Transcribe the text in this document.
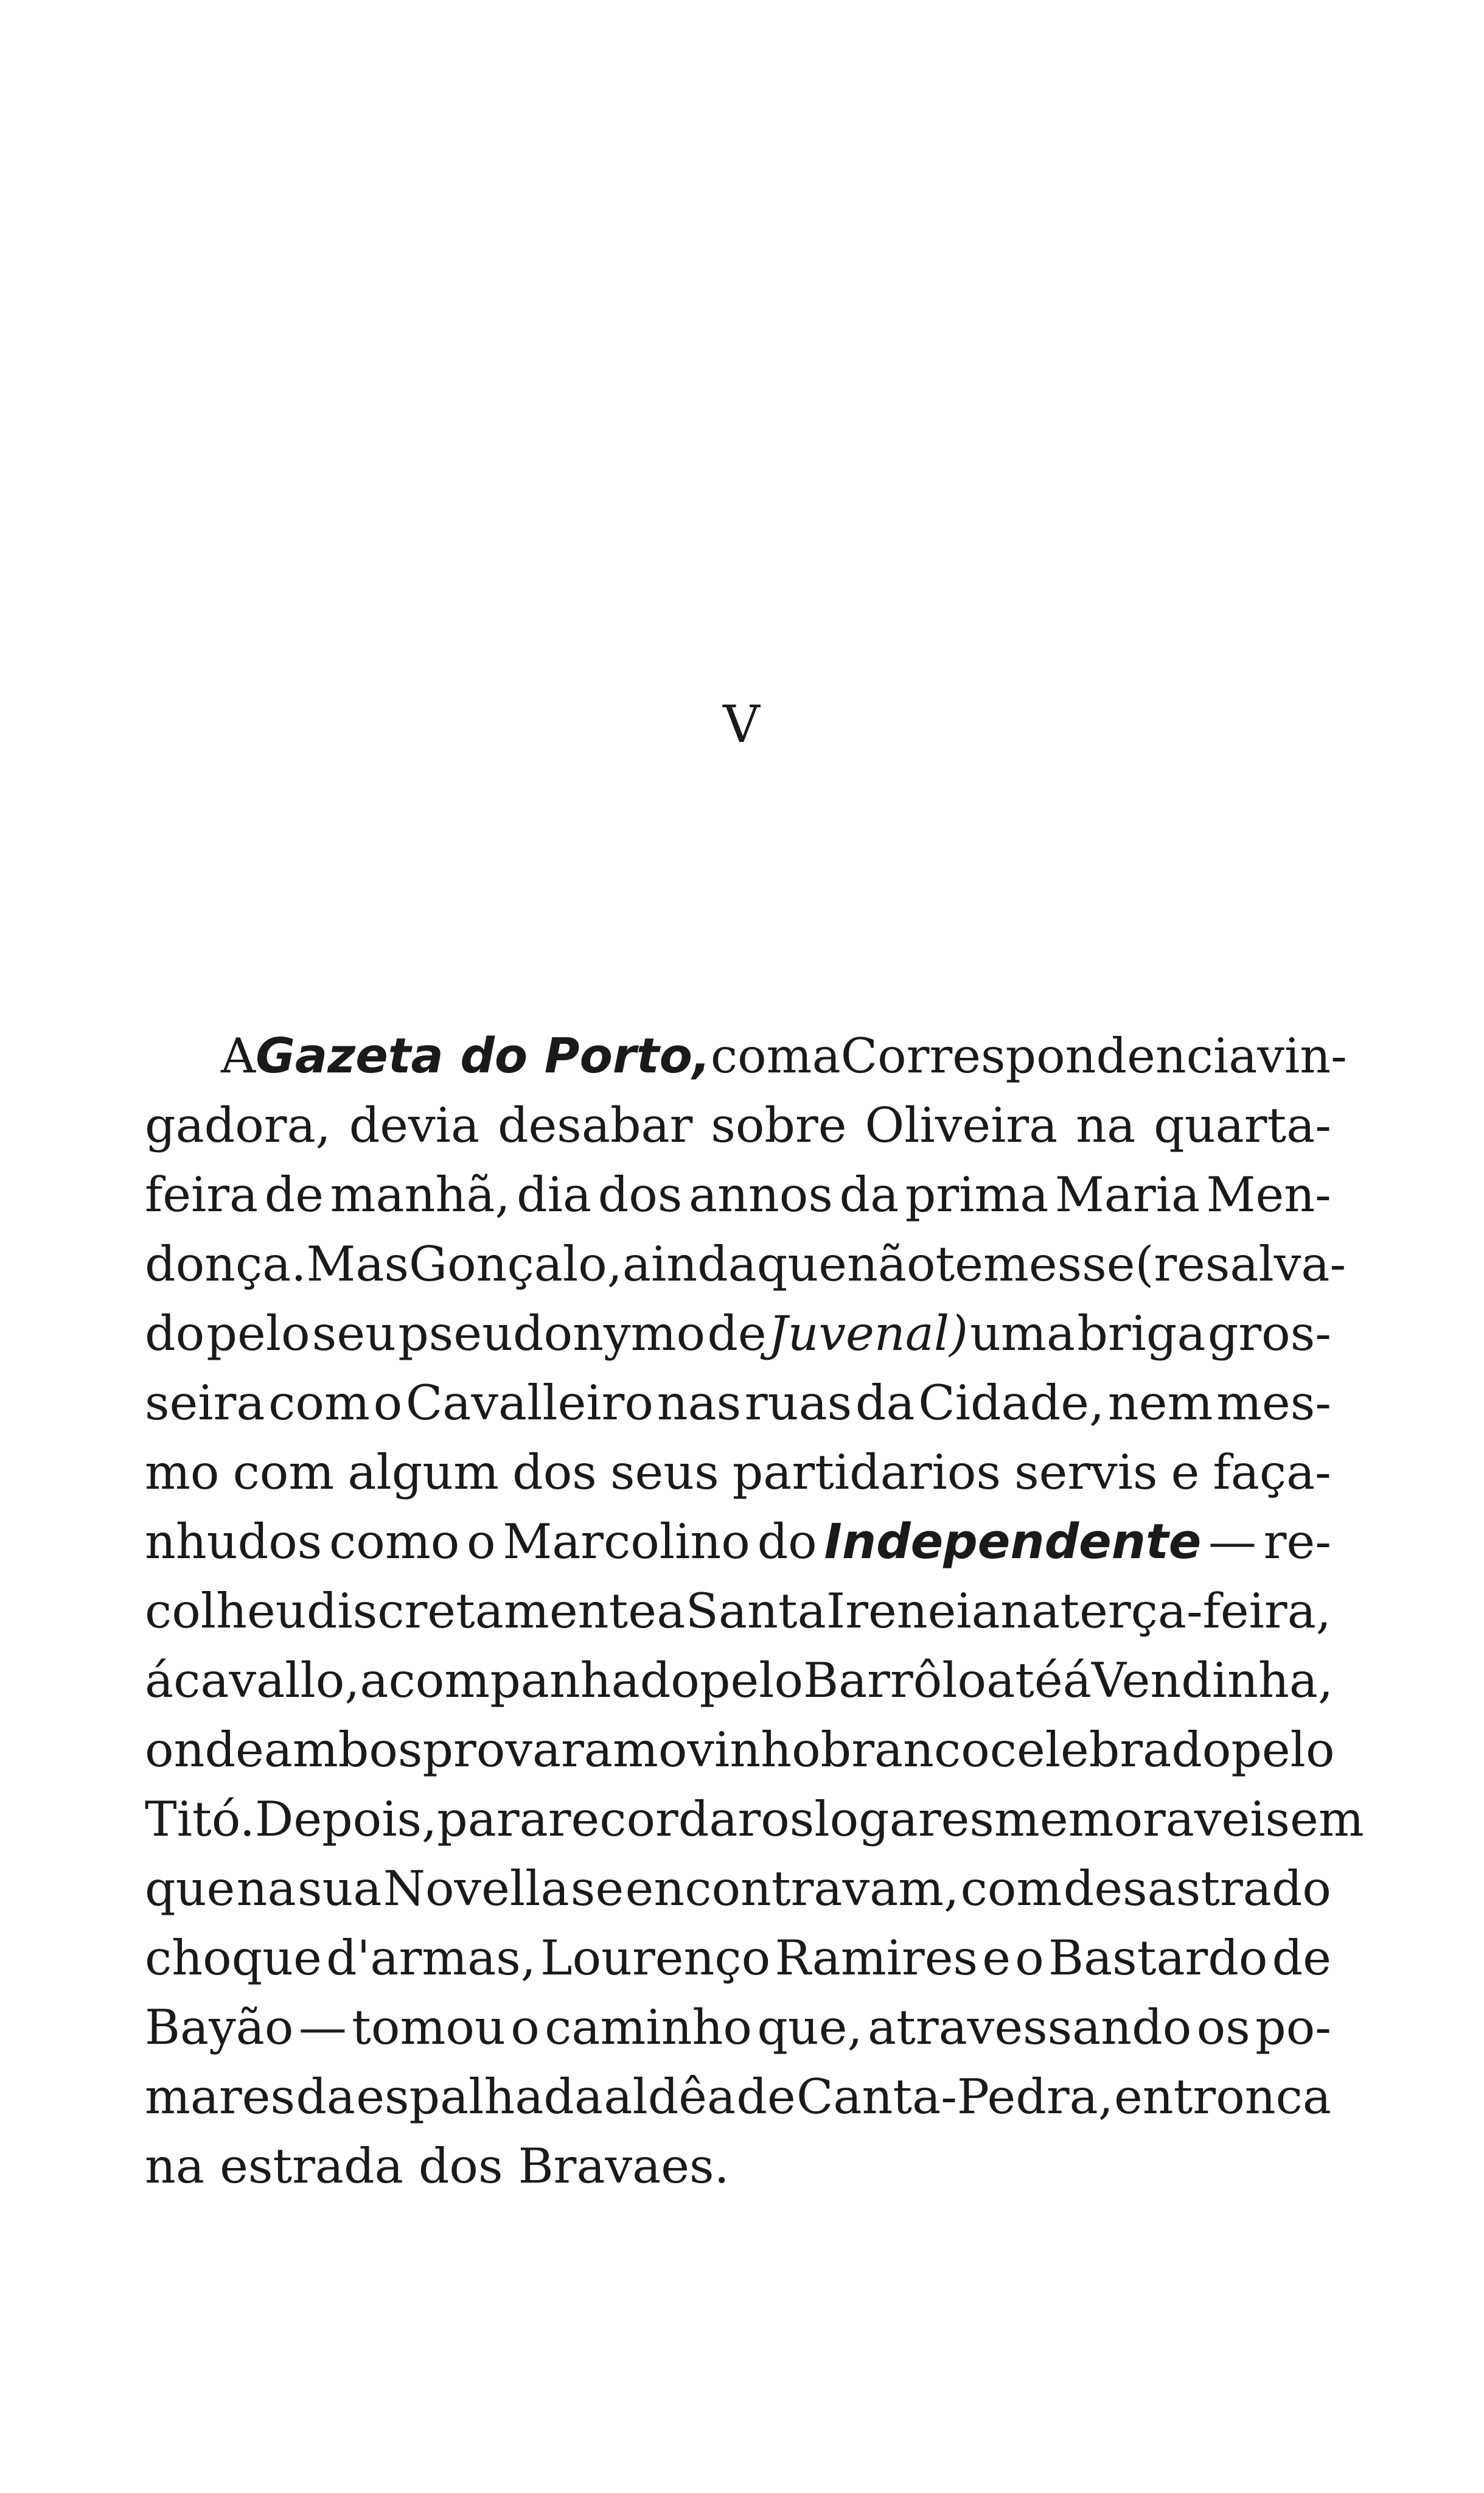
V
A Gazeta do Porto, com a Correspondencia vin-
gadora, devia desabar sobre Oliveira na quarta-
feira de manhã, dia dos annos da prima Maria Men-
donça. Mas Gonçalo, ainda que não temesse (resalva-
do pelo seu pseudonymo de Juvenal) uma briga gros-
seira com o Cavalleiro nas ruas da Cidade, nem mes-
mo com algum dos seus partidarios servis e faça-
nhudos como o Marcolino do Independente — re-
colheu discretamente a Santa Ireneia na terça-feira,
á cavallo, acompanhado pelo Barrôlo até á Vendinha,
onde ambos provaram o vinho branco celebrado pelo
Titó. Depois, para recordar os logares memoraveis em
que na sua Novella se encontravam, com desastrado
choque d'armas, Lourenço Ramires e o Bastardo de
Bayão — tomou o caminho que, atravessando os po-
mares da espalhada aldêa de Canta-Pedra, entronca
na
estrada
dos
Bravaes.
